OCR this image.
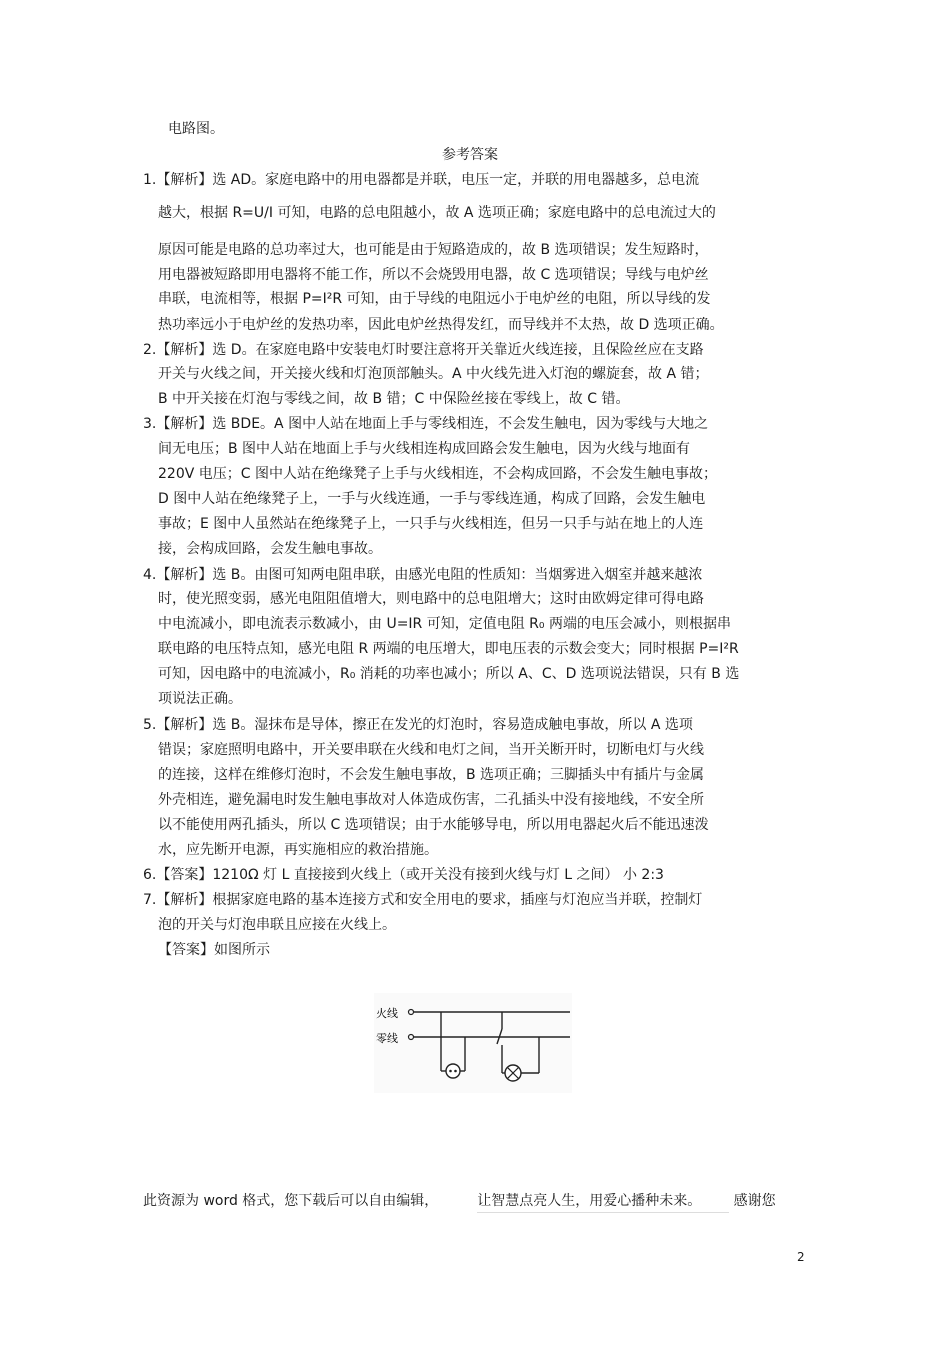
电路图。
参考答案
1.【解析】选 AD。家庭电路中的用电器都是并联，电压一定，并联的用电器越多，总电流
越大，根据 R=U/I 可知，电路的总电阻越小，故 A 选项正确；家庭电路中的总电流过大的
原因可能是电路的总功率过大，也可能是由于短路造成的，故 B 选项错误；发生短路时，
用电器被短路即用电器将不能工作，所以不会烧毁用电器，故 C 选项错误；导线与电炉丝
串联，电流相等，根据 P=I²R 可知，由于导线的电阻远小于电炉丝的电阻，所以导线的发
热功率远小于电炉丝的发热功率，因此电炉丝热得发红，而导线并不太热，故 D 选项正确。
2.【解析】选 D。在家庭电路中安装电灯时要注意将开关靠近火线连接，且保险丝应在支路
开关与火线之间，开关接火线和灯泡顶部触头。A 中火线先进入灯泡的螺旋套，故 A 错；
B 中开关接在灯泡与零线之间，故 B 错；C 中保险丝接在零线上，故 C 错。
3.【解析】选 BDE。A 图中人站在地面上手与零线相连，不会发生触电，因为零线与大地之
间无电压；B 图中人站在地面上手与火线相连构成回路会发生触电，因为火线与地面有
220V 电压；C 图中人站在绝缘凳子上手与火线相连，不会构成回路，不会发生触电事故；
D 图中人站在绝缘凳子上，一手与火线连通，一手与零线连通，构成了回路，会发生触电
事故；E 图中人虽然站在绝缘凳子上，一只手与火线相连，但另一只手与站在地上的人连
接，会构成回路，会发生触电事故。
4.【解析】选 B。由图可知两电阻串联，由感光电阻的性质知：当烟雾进入烟室并越来越浓
时，使光照变弱，感光电阻阻值增大，则电路中的总电阻增大；这时由欧姆定律可得电路
中电流减小，即电流表示数减小，由 U=IR 可知，定值电阻 R₀ 两端的电压会减小，则根据串
联电路的电压特点知，感光电阻 R 两端的电压增大，即电压表的示数会变大；同时根据 P=I²R
可知，因电路中的电流减小，R₀ 消耗的功率也减小；所以 A、C、D 选项说法错误，只有 B 选
项说法正确。
5.【解析】选 B。湿抹布是导体，擦正在发光的灯泡时，容易造成触电事故，所以 A 选项
错误；家庭照明电路中，开关要串联在火线和电灯之间，当开关断开时，切断电灯与火线
的连接，这样在维修灯泡时，不会发生触电事故，B 选项正确；三脚插头中有插片与金属
外壳相连，避免漏电时发生触电事故对人体造成伤害，二孔插头中没有接地线，不安全所
以不能使用两孔插头，所以 C 选项错误；由于水能够导电，所以用电器起火后不能迅速泼
水，应先断开电源，再实施相应的救治措施。
6.【答案】1210Ω 灯 L 直接接到火线上（或开关没有接到火线与灯 L 之间） 小 2:3
7.【解析】根据家庭电路的基本连接方式和安全用电的要求，插座与灯泡应当并联，控制灯
泡的开关与灯泡串联且应接在火线上。
【答案】如图所示
火线
零线
此资源为 word 格式，您下载后可以自由编辑，	让智慧点亮人生，用爱心播种未来。 感谢您
2
